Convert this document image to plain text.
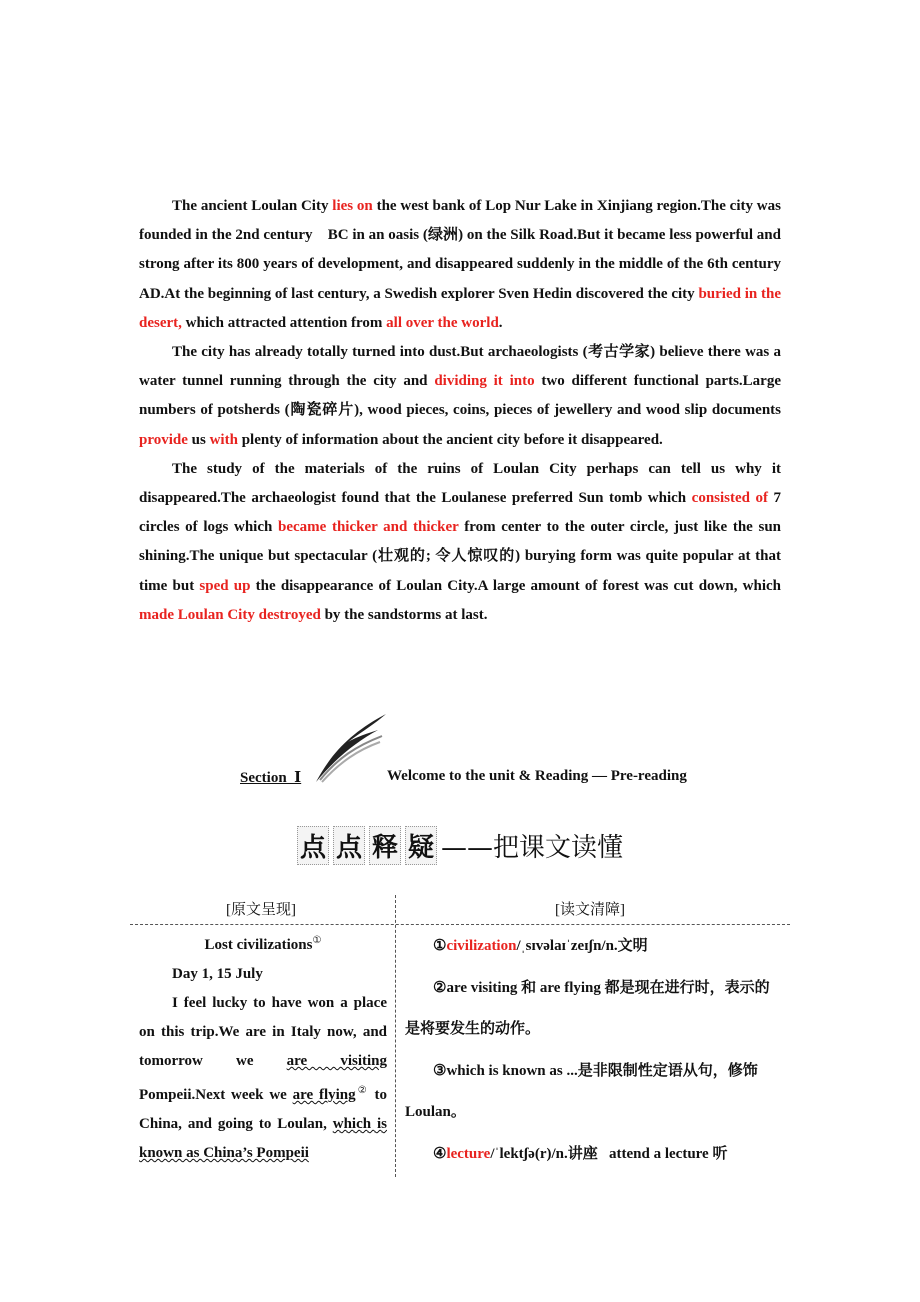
The ancient Loulan City lies on the west bank of Lop Nur Lake in Xinjiang region.The city was founded in the 2nd century    BC in an oasis (绿洲) on the Silk Road.But it became less powerful and strong after its 800 years of development, and disappeared suddenly in the middle of the 6th century AD.At the beginning of last century, a Swedish explorer Sven Hedin discovered the city buried in the desert, which attracted attention from all over the world.

The city has already totally turned into dust.But archaeologists (考古学家) believe there was a water tunnel running through the city and dividing it into two different functional parts.Large numbers of potsherds (陶瓷碎片), wood pieces, coins, pieces of jewellery and wood slip documents provide us with plenty of information about the ancient city before it disappeared.

The study of the materials of the ruins of Loulan City perhaps can tell us why it disappeared.The archaeologist found that the Loulanese preferred Sun tomb which consisted of 7 circles of logs which became thicker and thicker from center to the outer circle, just like the sun shining.The unique but spectacular (壮观的; 令人惊叹的) burying form was quite popular at that time but sped up the disappearance of Loulan City.A large amount of forest was cut down, which made Loulan City destroyed by the sandstorms at last.

Section  Ⅰ	Welcome to the unit & Reading — Pre-reading
点 点 释 疑 ——把课文读懂
[原文呈现]	[读文清障]

Lost civilizations①

Day 1, 15 July

I feel lucky to have won a place on this trip.We are in Italy now, and tomorrow we are visiting Pompeii.Next week we are flying② to China, and going to Loulan, which is known as China’s Pompeii

①civilization/ˌsɪvəlaɪˈzeɪʃn/n.文明

②are visiting 和 are flying 都是现在进行时，表示的是将要发生的动作。

③which is known as ...是非限制性定语从句，修饰 Loulan。

④lecture/ˈlektʃə(r)/n.讲座   attend a lecture 听
